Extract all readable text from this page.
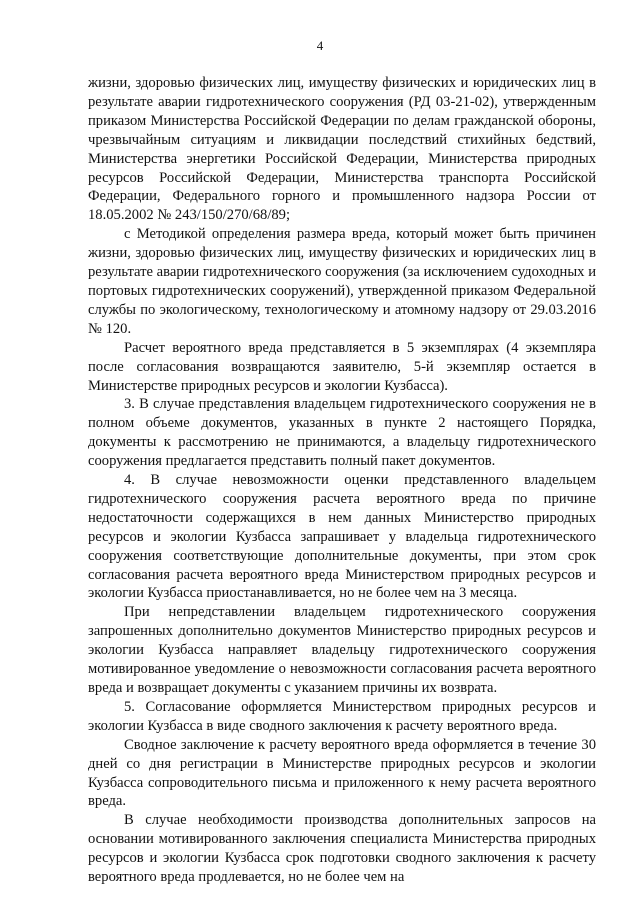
4

жизни, здоровью физических лиц, имуществу физических и юридических лиц в результате аварии гидротехнического сооружения (РД 03-21-02), утвержденным приказом Министерства Российской Федерации по делам гражданской обороны, чрезвычайным ситуациям и ликвидации последствий стихийных бедствий, Министерства энергетики Российской Федерации, Министерства природных ресурсов Российской Федерации, Министерства транспорта Российской Федерации, Федерального горного и промышленного надзора России от 18.05.2002 № 243/150/270/68/89;

с Методикой определения размера вреда, который может быть причинен жизни, здоровью физических лиц, имуществу физических и юридических лиц в результате аварии гидротехнического сооружения (за исключением судоходных и портовых гидротехнических сооружений), утвержденной приказом Федеральной службы по экологическому, технологическому и атомному надзору от 29.03.2016 № 120.

Расчет вероятного вреда представляется в 5 экземплярах (4 экземпляра после согласования возвращаются заявителю, 5-й экземпляр остается в Министерстве природных ресурсов и экологии Кузбасса).

3. В случае представления владельцем гидротехнического сооружения не в полном объеме документов, указанных в пункте 2 настоящего Порядка, документы к рассмотрению не принимаются, а владельцу гидротехнического сооружения предлагается представить полный пакет документов.

4. В случае невозможности оценки представленного владельцем гидротехнического сооружения расчета вероятного вреда по причине недостаточности содержащихся в нем данных Министерство природных ресурсов и экологии Кузбасса запрашивает у владельца гидротехнического сооружения соответствующие дополнительные документы, при этом срок согласования расчета вероятного вреда Министерством природных ресурсов и экологии Кузбасса приостанавливается, но не более чем на 3 месяца.

При непредставлении владельцем гидротехнического сооружения запрошенных дополнительно документов Министерство природных ресурсов и экологии Кузбасса направляет владельцу гидротехнического сооружения мотивированное уведомление о невозможности согласования расчета вероятного вреда и возвращает документы с указанием причины их возврата.

5. Согласование оформляется Министерством природных ресурсов и экологии Кузбасса в виде сводного заключения к расчету вероятного вреда.

Сводное заключение к расчету вероятного вреда оформляется в течение 30 дней со дня регистрации в Министерстве природных ресурсов и экологии Кузбасса сопроводительного письма и приложенного к нему расчета вероятного вреда.

В случае необходимости производства дополнительных запросов на основании мотивированного заключения специалиста Министерства природных ресурсов и экологии Кузбасса срок подготовки сводного заключения к расчету вероятного вреда продлевается, но не более чем на
